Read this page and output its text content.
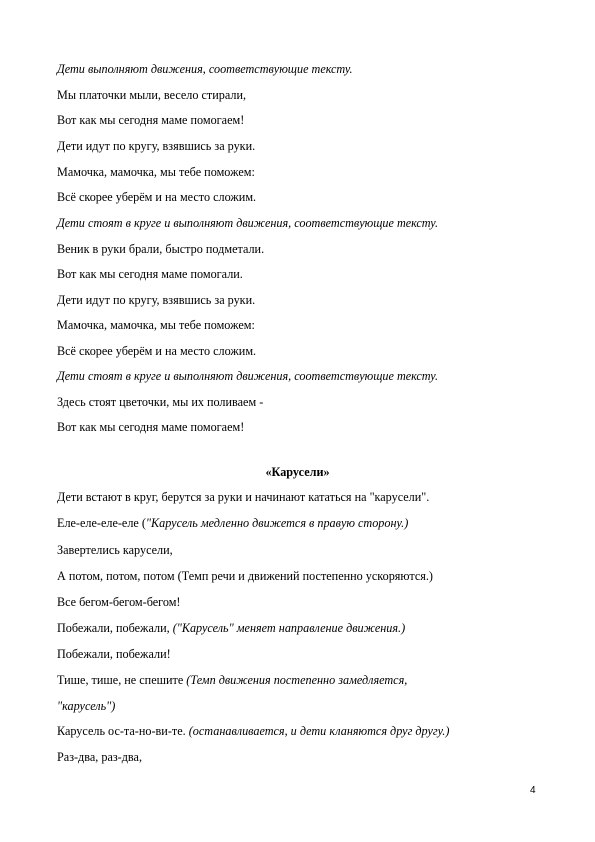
Дети выполняют движения, соответствующие тексту.
Мы платочки мыли, весело стирали,
Вот как мы сегодня маме помогаем!
Дети идут по кругу, взявшись за руки.
Мамочка, мамочка, мы тебе поможем:
Всё скорее уберём и на место сложим.
Дети стоят в круге и выполняют движения, соответствующие тексту.
Веник в руки брали, быстро подметали.
Вот как мы сегодня маме помогали.
Дети идут по кругу, взявшись за руки.
Мамочка, мамочка, мы тебе поможем:
Всё скорее уберём и на место сложим.
Дети стоят в круге и выполняют движения, соответствующие тексту.
Здесь стоят цветочки, мы их поливаем -
Вот как мы сегодня маме помогаем!
«Карусели»
Дети встают в круг, берутся за руки и начинают кататься на "карусели".
Еле-еле-еле-еле ("Карусель медленно движется в правую сторону.)
Завертелись карусели,
А потом, потом, потом (Темп речи и движений постепенно ускоряются.)
Все бегом-бегом-бегом!
Побежали, побежали, ("Карусель" меняет направление движения.)
Побежали, побежали!
Тише, тише, не спешите (Темп движения постепенно замедляется,
"карусель")
Карусель ос-та-но-ви-те. (останавливается, и дети кланяются друг другу.)
Раз-два, раз-два,
4
